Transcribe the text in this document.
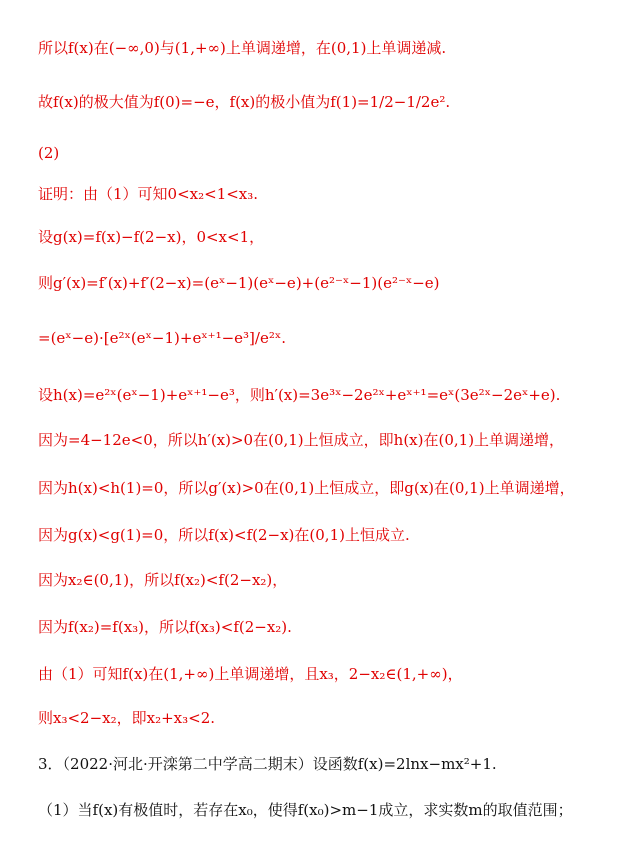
所以f(x)在(−∞,0)与(1,+∞)上单调递增，在(0,1)上单调递减.
故f(x)的极大值为f(0)=−e，f(x)的极小值为f(1)=1/2−1/2e².
(2)
证明：由（1）可知0<x₂<1<x₃.
设g(x)=f(x)−f(2−x)，0<x<1，
则g′(x)=f′(x)+f′(2−x)=(eˣ−1)(eˣ−e)+(e²⁻ˣ−1)(e²⁻ˣ−e)
=(eˣ−e)·[e²ˣ(eˣ−1)+eˣ⁺¹−e³]/e²ˣ.
设h(x)=e²ˣ(eˣ−1)+eˣ⁺¹−e³，则h′(x)=3e³ˣ−2e²ˣ+eˣ⁺¹=eˣ(3e²ˣ−2eˣ+e).
因为=4−12e<0，所以h′(x)>0在(0,1)上恒成立，即h(x)在(0,1)上单调递增，
因为h(x)<h(1)=0，所以g′(x)>0在(0,1)上恒成立，即g(x)在(0,1)上单调递增，
因为g(x)<g(1)=0，所以f(x)<f(2−x)在(0,1)上恒成立.
因为x₂∈(0,1)，所以f(x₂)<f(2−x₂)，
因为f(x₂)=f(x₃)，所以f(x₃)<f(2−x₂).
由（1）可知f(x)在(1,+∞)上单调递增，且x₃，2−x₂∈(1,+∞)，
则x₃<2−x₂，即x₂+x₃<2.
3．（2022·河北·开滦第二中学高二期末）设函数f(x)=2lnx−mx²+1.
（1）当f(x)有极值时，若存在x₀，使得f(x₀)>m−1成立，求实数m的取值范围；
